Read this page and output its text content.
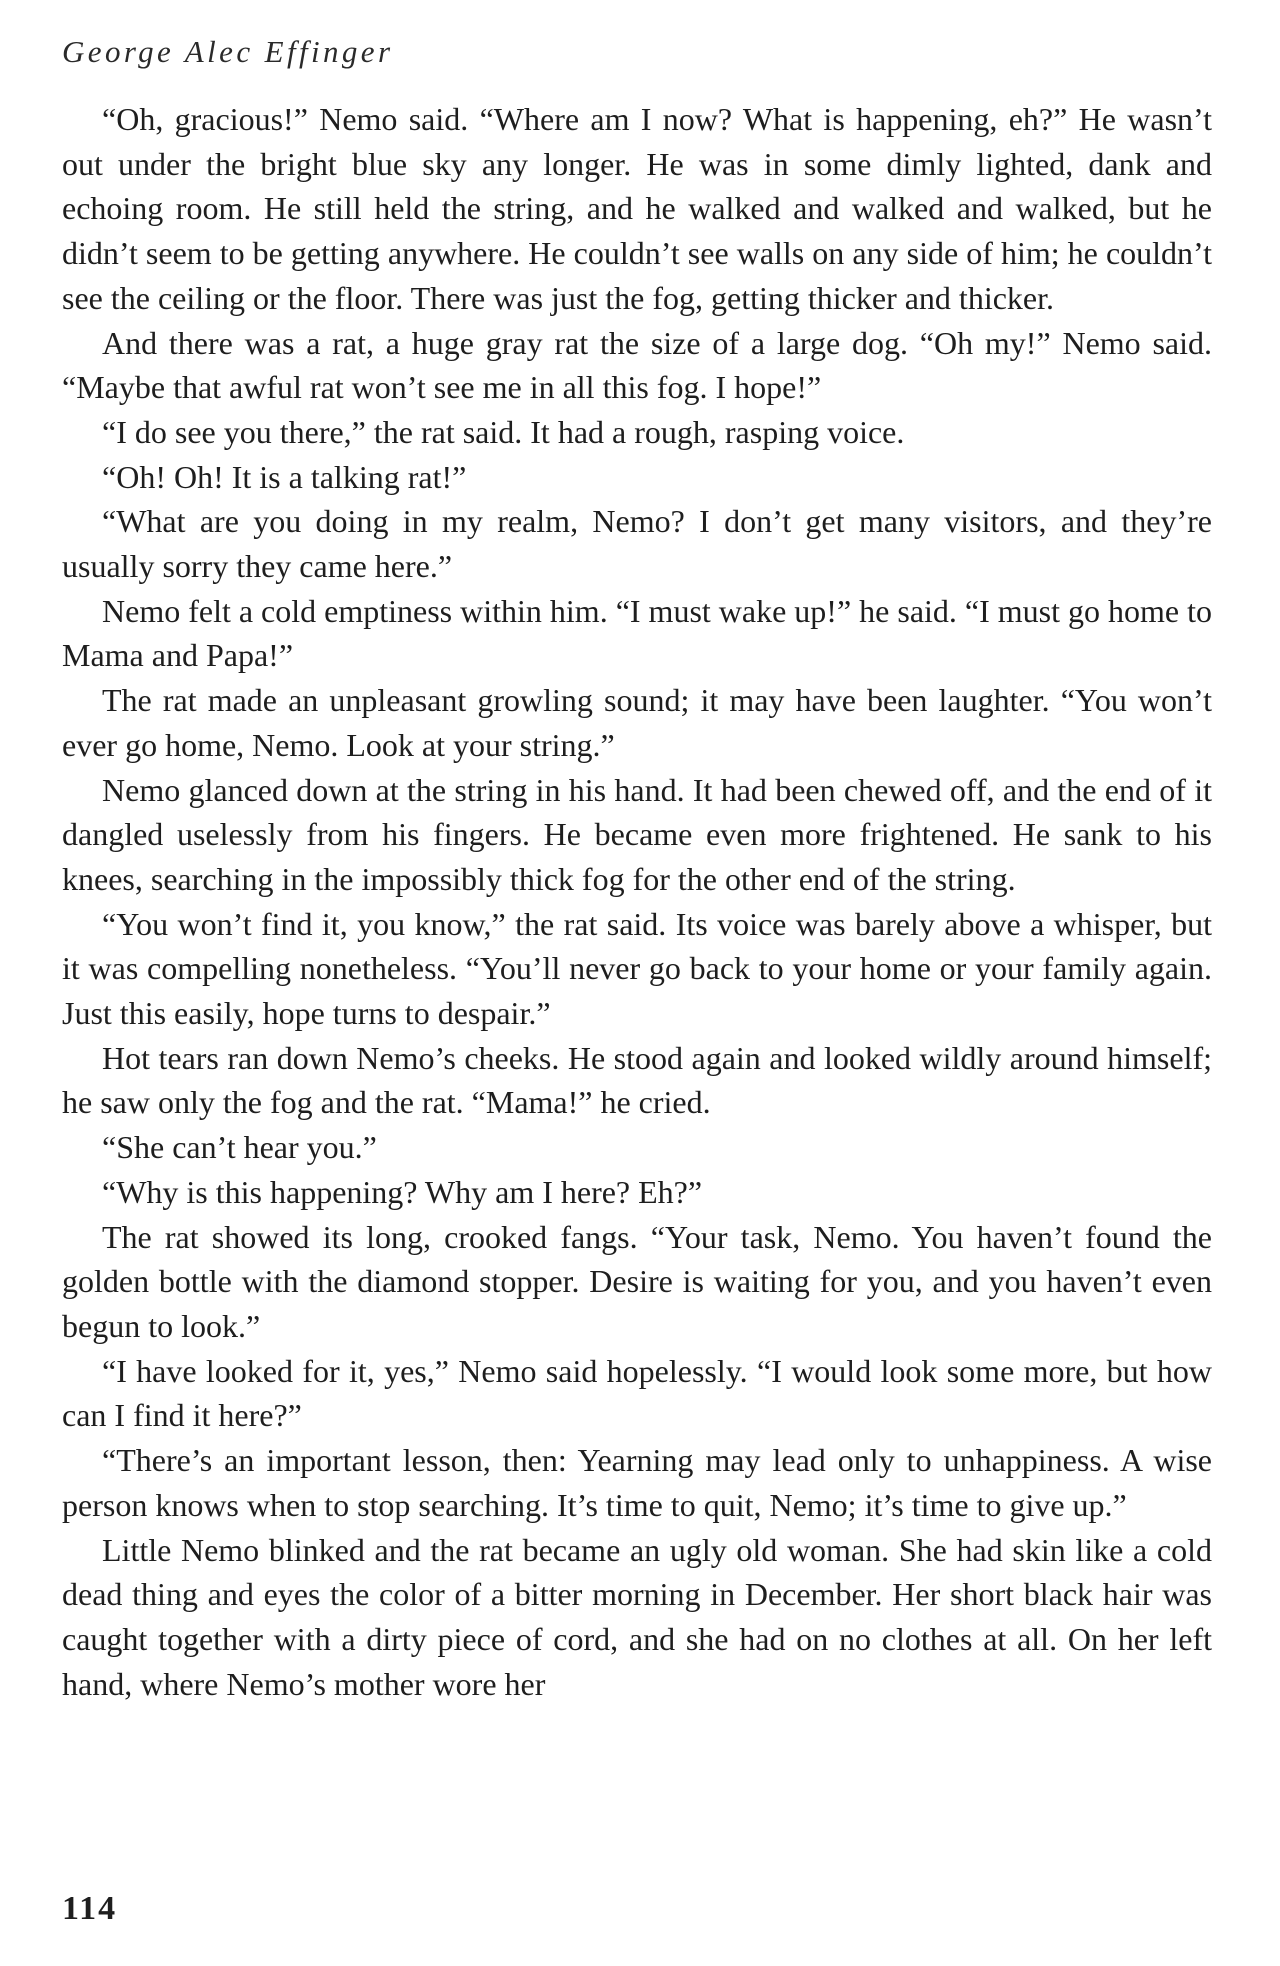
George Alec Effinger

“Oh, gracious!” Nemo said. “Where am I now? What is happening, eh?” He wasn’t out under the bright blue sky any longer. He was in some dimly lighted, dank and echoing room. He still held the string, and he walked and walked and walked, but he didn’t seem to be getting anywhere. He couldn’t see walls on any side of him; he couldn’t see the ceiling or the floor. There was just the fog, getting thicker and thicker.

And there was a rat, a huge gray rat the size of a large dog. “Oh my!” Nemo said. “Maybe that awful rat won’t see me in all this fog. I hope!”

“I do see you there,” the rat said. It had a rough, rasping voice.

“Oh! Oh! It is a talking rat!”

“What are you doing in my realm, Nemo? I don’t get many visitors, and they’re usually sorry they came here.”

Nemo felt a cold emptiness within him. “I must wake up!” he said. “I must go home to Mama and Papa!”

The rat made an unpleasant growling sound; it may have been laughter. “You won’t ever go home, Nemo. Look at your string.”

Nemo glanced down at the string in his hand. It had been chewed off, and the end of it dangled uselessly from his fingers. He became even more frightened. He sank to his knees, searching in the impossibly thick fog for the other end of the string.

“You won’t find it, you know,” the rat said. Its voice was barely above a whisper, but it was compelling nonetheless. “You’ll never go back to your home or your family again. Just this easily, hope turns to despair.”

Hot tears ran down Nemo’s cheeks. He stood again and looked wildly around himself; he saw only the fog and the rat. “Mama!” he cried.

“She can’t hear you.”

“Why is this happening? Why am I here? Eh?”

The rat showed its long, crooked fangs. “Your task, Nemo. You haven’t found the golden bottle with the diamond stopper. Desire is waiting for you, and you haven’t even begun to look.”

“I have looked for it, yes,” Nemo said hopelessly. “I would look some more, but how can I find it here?”

“There’s an important lesson, then: Yearning may lead only to unhappiness. A wise person knows when to stop searching. It’s time to quit, Nemo; it’s time to give up.”

Little Nemo blinked and the rat became an ugly old woman. She had skin like a cold dead thing and eyes the color of a bitter morning in December. Her short black hair was caught together with a dirty piece of cord, and she had on no clothes at all. On her left hand, where Nemo’s mother wore her

114
